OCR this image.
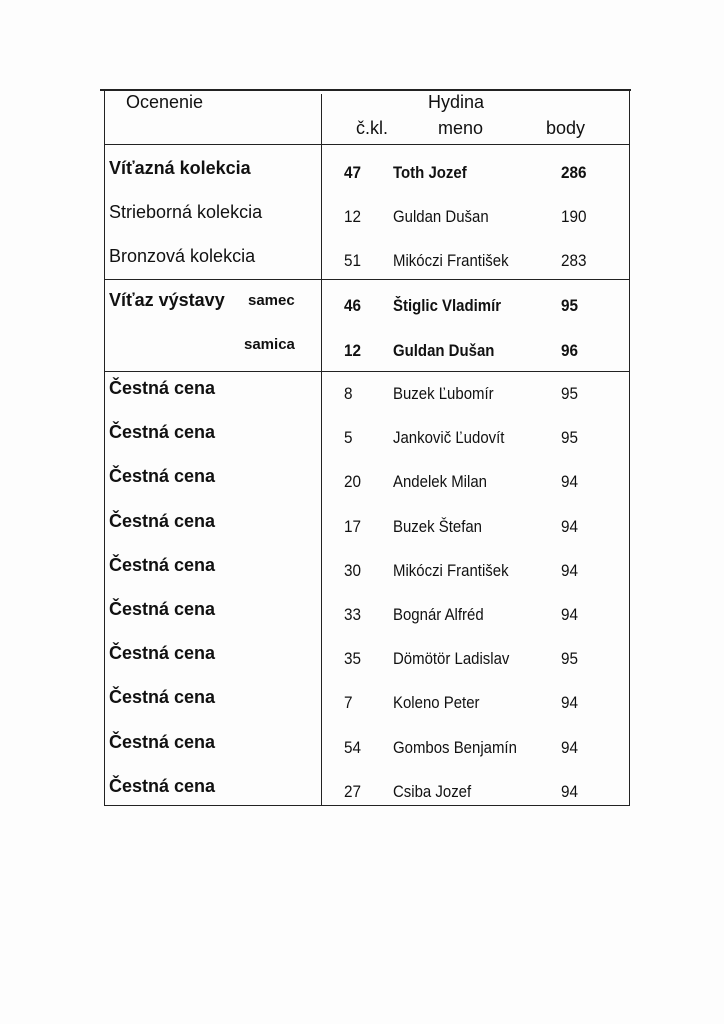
Ocenenie	Hydina
č.kl.	meno	body
Víťazná kolekcia	47 Toth Jozef	286
Strieborná kolekcia	12 Guldan Dušan	190
Bronzová kolekcia	51 Mikóczi František	283
Víťaz výstavy samec	46 Štiglic Vladimír	95
samica	12 Guldan Dušan	96
Čestná cena	8 Buzek Ľubomír	95
Čestná cena	5 Jankovič Ľudovít	95
Čestná cena	20 Andelek Milan	94
Čestná cena	17 Buzek Štefan	94
Čestná cena	30 Mikóczi František	94
Čestná cena	33 Bognár Alfréd	94
Čestná cena	35 Dömötör Ladislav	95
Čestná cena	7 Koleno Peter	94
Čestná cena	54 Gombos Benjamín	94
Čestná cena	27 Csiba Jozef	94
